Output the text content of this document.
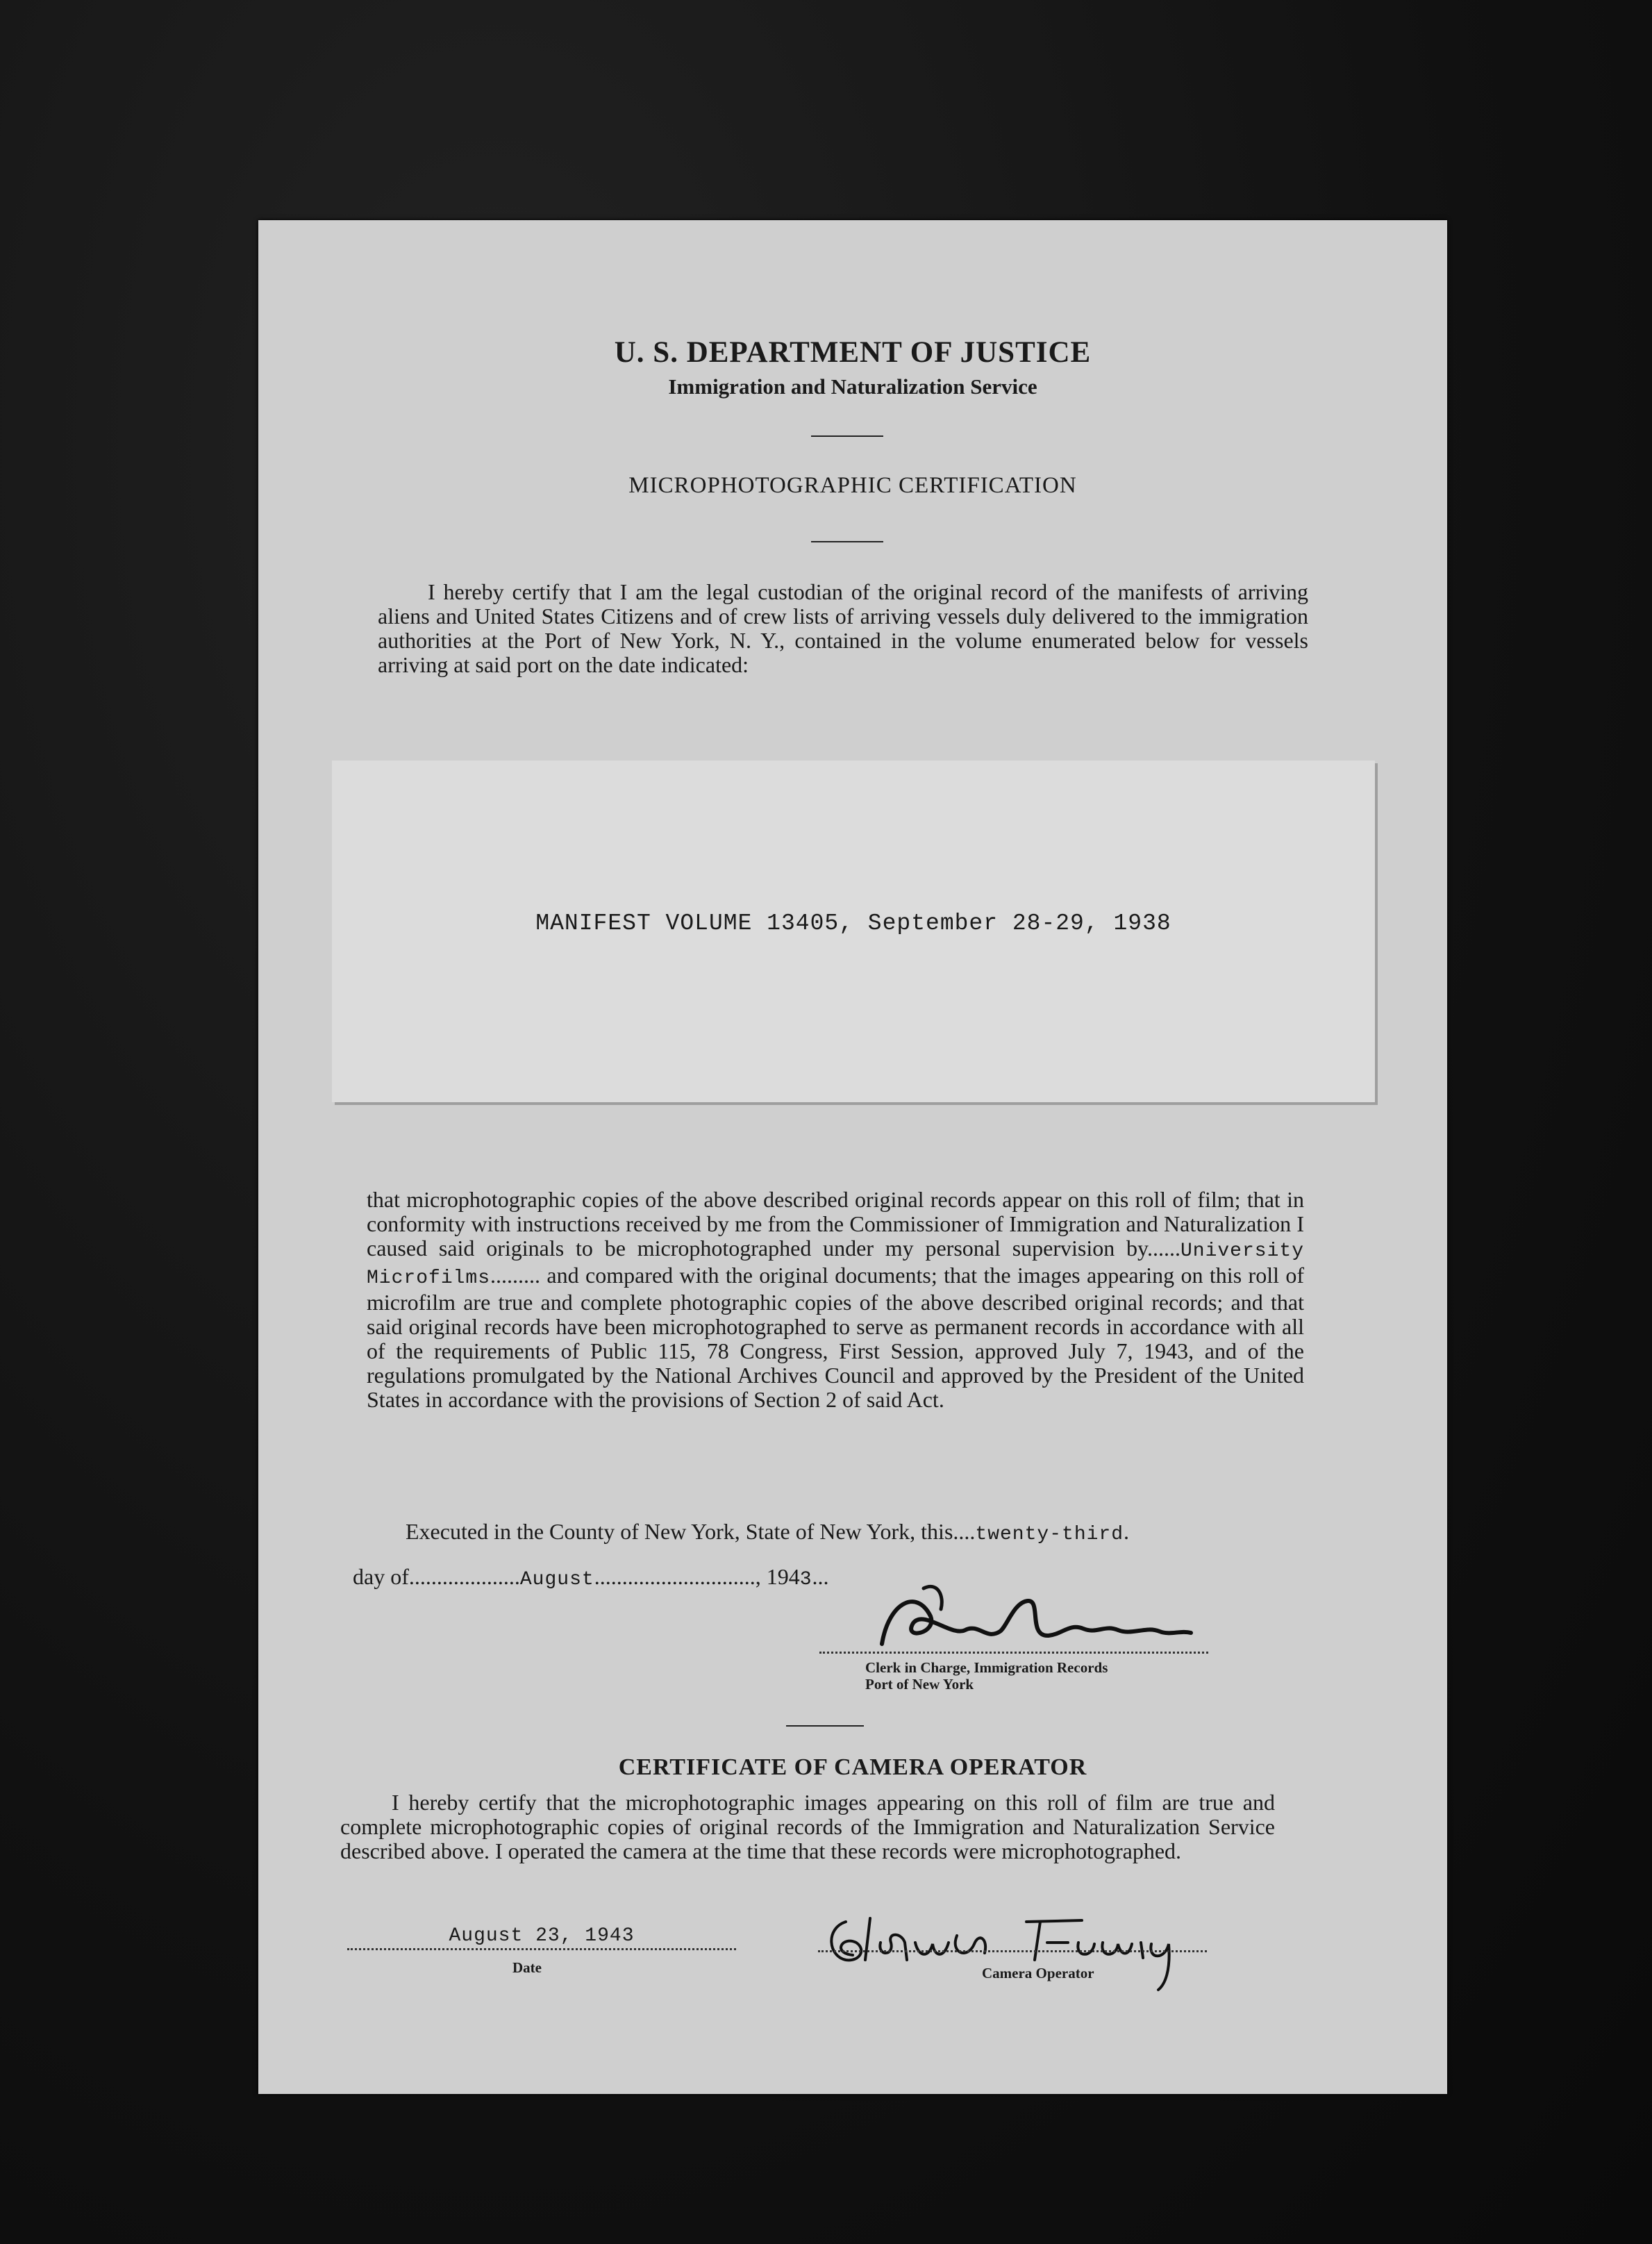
U. S. DEPARTMENT OF JUSTICE
Immigration and Naturalization Service
MICROPHOTOGRAPHIC CERTIFICATION
I hereby certify that I am the legal custodian of the original record of the manifests of arriving aliens and United States Citizens and of crew lists of arriving vessels duly delivered to the immigration authorities at the Port of New York, N. Y., contained in the volume enumerated below for vessels arriving at said port on the date indicated:
MANIFEST VOLUME 13405, September 28-29, 1938
that microphotographic copies of the above described original records appear on this roll of film; that in conformity with instructions received by me from the Commissioner of Immigration and Naturalization I caused said originals to be microphotographed under my personal supervision by......University Microfilms......... and compared with the original documents; that the images appearing on this roll of microfilm are true and complete photographic copies of the above described original records; and that said original records have been microphotographed to serve as permanent records in accordance with all of the requirements of Public 115, 78 Congress, First Session, approved July 7, 1943, and of the regulations promulgated by the National Archives Council and approved by the President of the United States in accordance with the provisions of Section 2 of said Act.
Executed in the County of New York, State of New York, this....twenty-third.
day of....................August............................., 1943...
Clerk in Charge, Immigration Records
Port of New York
CERTIFICATE OF CAMERA OPERATOR
I hereby certify that the microphotographic images appearing on this roll of film are true and complete microphotographic copies of original records of the Immigration and Naturalization Service described above. I operated the camera at the time that these records were microphotographed.
August 23, 1943
Date	Camera Operator
